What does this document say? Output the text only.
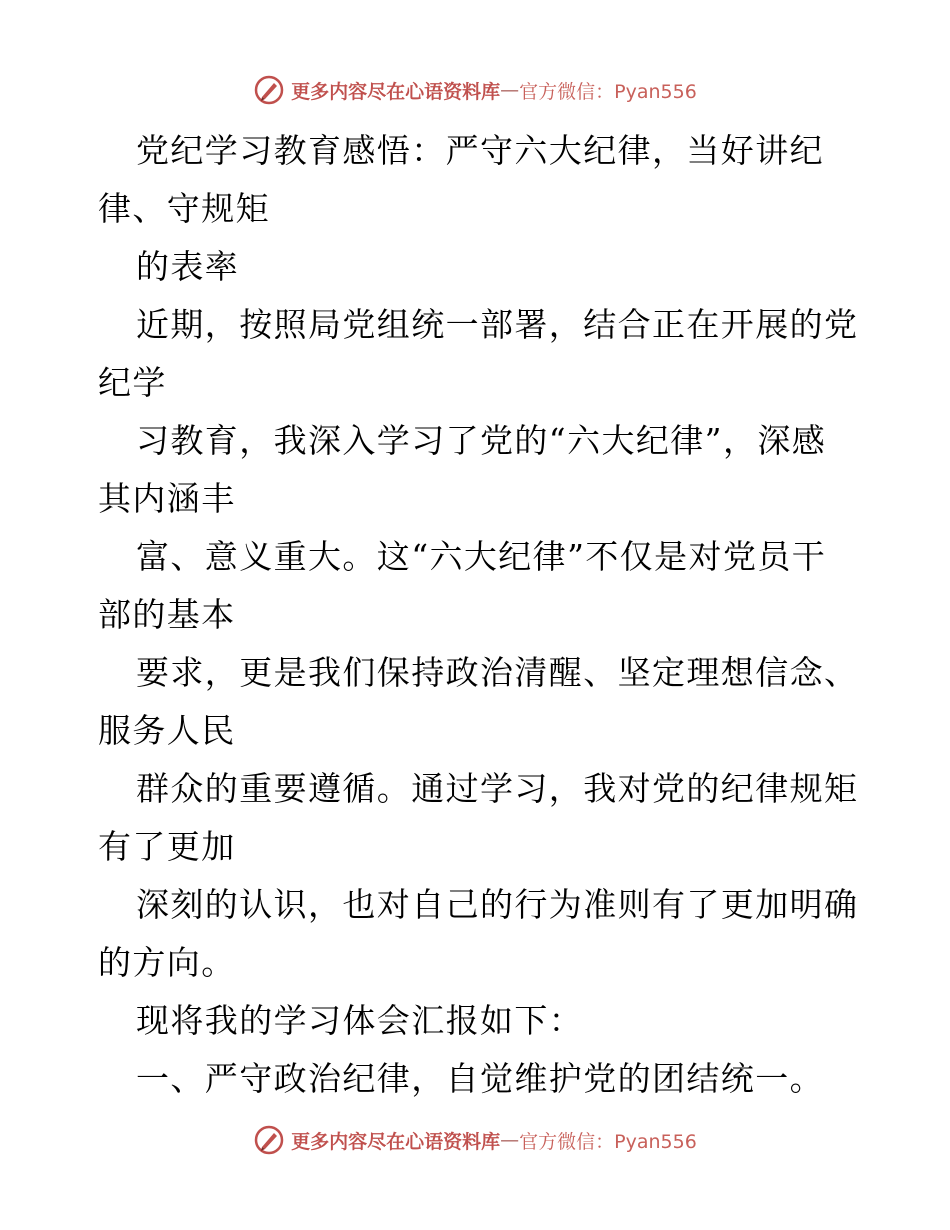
更多内容尽在心语资料库 — 官方微信：Pyan556

党纪学习教育感悟：严守六大纪律，当好讲纪

律、守规矩

的表率

近期，按照局党组统一部署，结合正在开展的党

纪学

习教育，我深入学习了党的“六大纪律”，深感

其内涵丰

富、意义重大。这“六大纪律”不仅是对党员干

部的基本

要求，更是我们保持政治清醒、坚定理想信念、

服务人民

群众的重要遵循。通过学习，我对党的纪律规矩

有了更加

深刻的认识，也对自己的行为准则有了更加明确

的方向。

现将我的学习体会汇报如下：

一、严守政治纪律，自觉维护党的团结统一。

更多内容尽在心语资料库 — 官方微信：Pyan556
